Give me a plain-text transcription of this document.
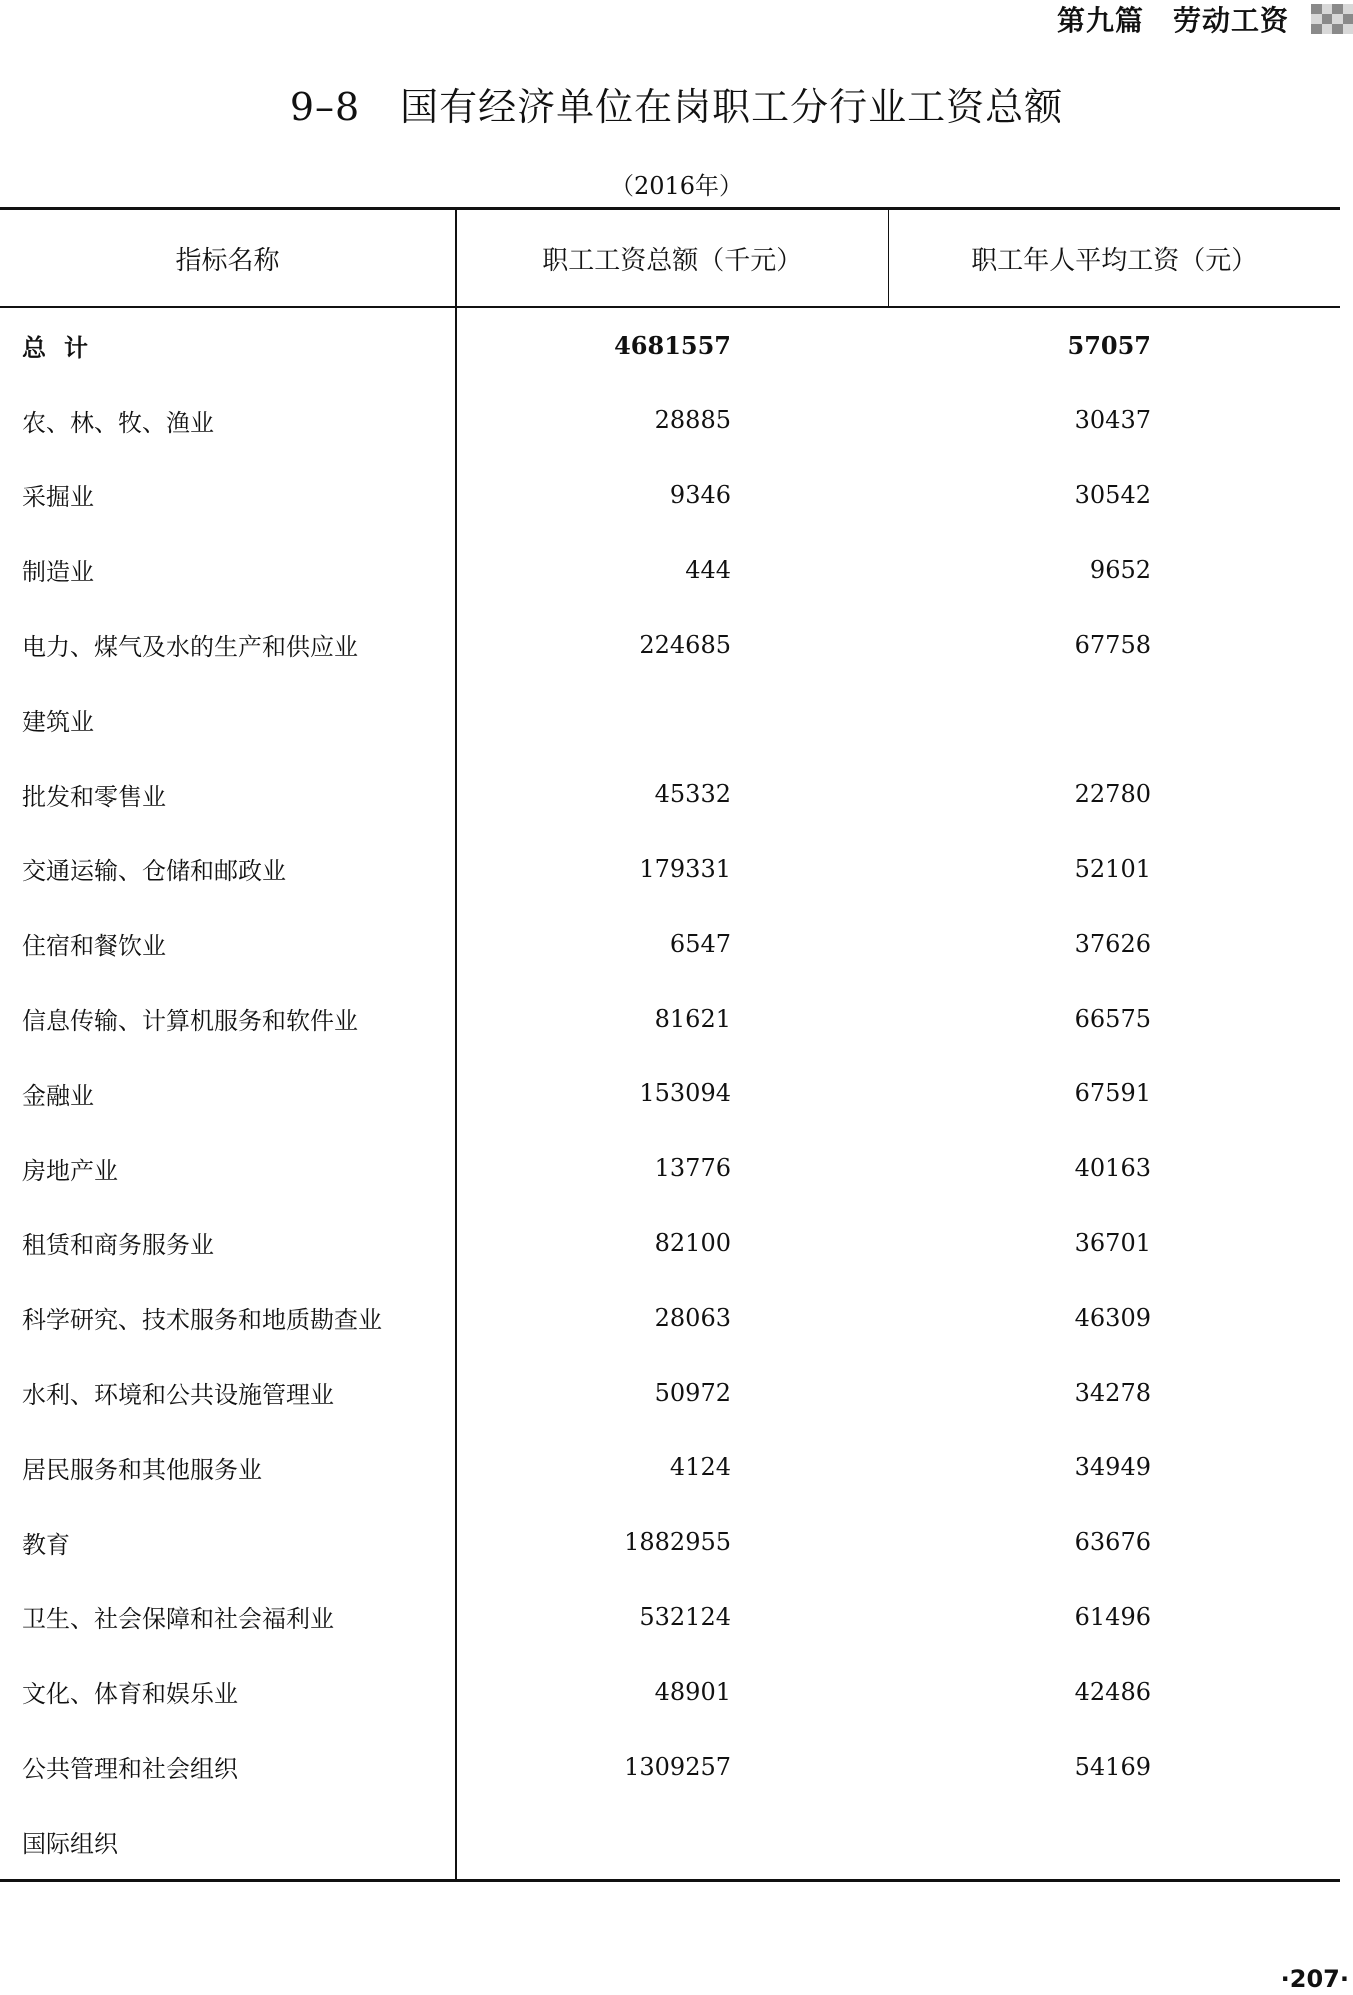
第九篇　劳动工资
9–8 国有经济单位在岗职工分行业工资总额
（2016年）
指标名称	职工工资总额（千元）	职工年人平均工资（元）
总计	4681557	57057
农、林、牧、渔业	28885	30437
采掘业	9346	30542
制造业	444	9652
电力、煤气及水的生产和供应业	224685	67758
建筑业		
批发和零售业	45332	22780
交通运输、仓储和邮政业	179331	52101
住宿和餐饮业	6547	37626
信息传输、计算机服务和软件业	81621	66575
金融业	153094	67591
房地产业	13776	40163
租赁和商务服务业	82100	36701
科学研究、技术服务和地质勘查业	28063	46309
水利、环境和公共设施管理业	50972	34278
居民服务和其他服务业	4124	34949
教育	1882955	63676
卫生、社会保障和社会福利业	532124	61496
文化、体育和娱乐业	48901	42486
公共管理和社会组织	1309257	54169
国际组织		
·207·
